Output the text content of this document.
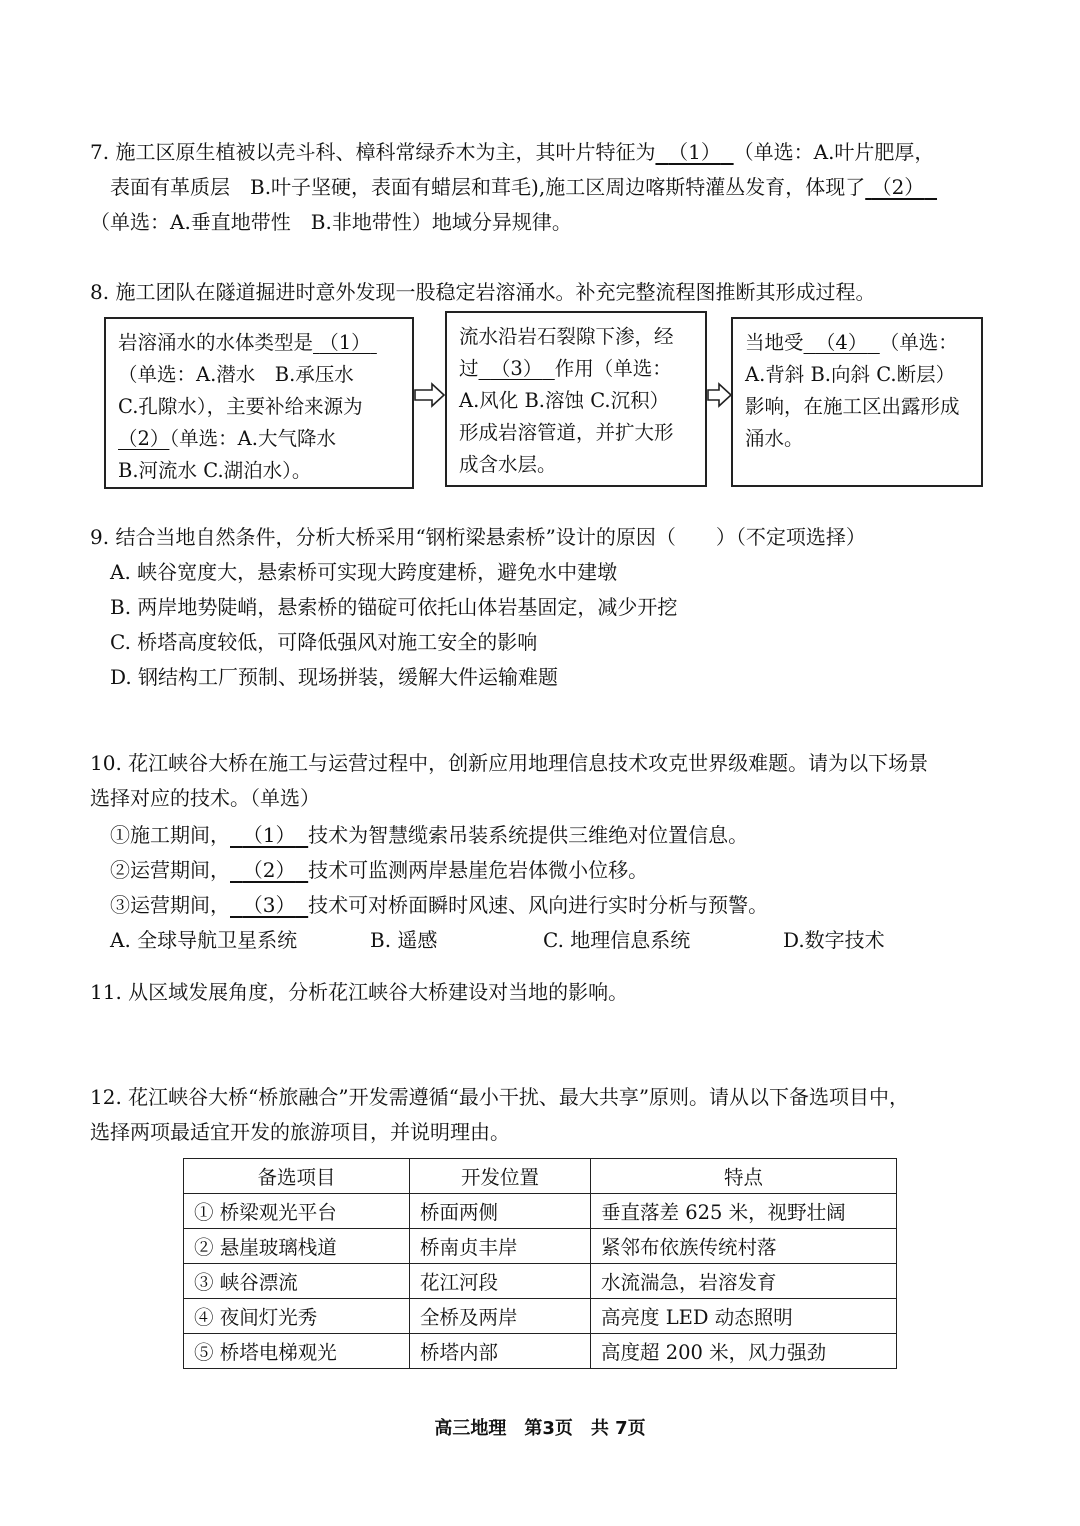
7. 施工区原生植被以壳斗科、樟科常绿乔木为主，其叶片特征为 （1） （单选：A.叶片肥厚，
表面有革质层　B.叶子坚硬，表面有蜡层和茸毛),施工区周边喀斯特灌丛发育，体现了 （2）
（单选：A.垂直地带性　B.非地带性）地域分异规律。
8. 施工团队在隧道掘进时意外发现一股稳定岩溶涌水。补充完整流程图推断其形成过程。
岩溶涌水的水体类型是 （1）
（单选：A.潜水　B.承压水
C.孔隙水），主要补给来源为
（2）（单选：A.大气降水
B.河流水 C.湖泊水）。
流水沿岩石裂隙下渗，经
过 （3） 作用（单选：
A.风化 B.溶蚀 C.沉积）
形成岩溶管道，并扩大形
成含水层。
当地受 （4） （单选：
A.背斜 B.向斜 C.断层）
影响，在施工区出露形成
涌水。
9. 结合当地自然条件，分析大桥采用“钢桁梁悬索桥”设计的原因（　　）（不定项选择）
A. 峡谷宽度大，悬索桥可实现大跨度建桥，避免水中建墩
B. 两岸地势陡峭，悬索桥的锚碇可依托山体岩基固定，减少开挖
C. 桥塔高度较低，可降低强风对施工安全的影响
D. 钢结构工厂预制、现场拼装，缓解大件运输难题
10. 花江峡谷大桥在施工与运营过程中，创新应用地理信息技术攻克世界级难题。请为以下场景
选择对应的技术。（单选）
①施工期间， （1） 技术为智慧缆索吊装系统提供三维绝对位置信息。
②运营期间， （2） 技术可监测两岸悬崖危岩体微小位移。
③运营期间， （3） 技术可对桥面瞬时风速、风向进行实时分析与预警。
A. 全球导航卫星系统	B. 遥感	C. 地理信息系统	D.数字技术
11. 从区域发展角度，分析花江峡谷大桥建设对当地的影响。
12. 花江峡谷大桥“桥旅融合”开发需遵循“最小干扰、最大共享”原则。请从以下备选项目中，
选择两项最适宜开发的旅游项目，并说明理由。
备选项目	开发位置	特点
① 桥梁观光平台	桥面两侧	垂直落差 625 米，视野壮阔
② 悬崖玻璃栈道	桥南贞丰岸	紧邻布依族传统村落
③ 峡谷漂流	花江河段	水流湍急，岩溶发育
④ 夜间灯光秀	全桥及两岸	高亮度 LED 动态照明
⑤ 桥塔电梯观光	桥塔内部	高度超 200 米，风力强劲
高三地理　第3页　共 7页
